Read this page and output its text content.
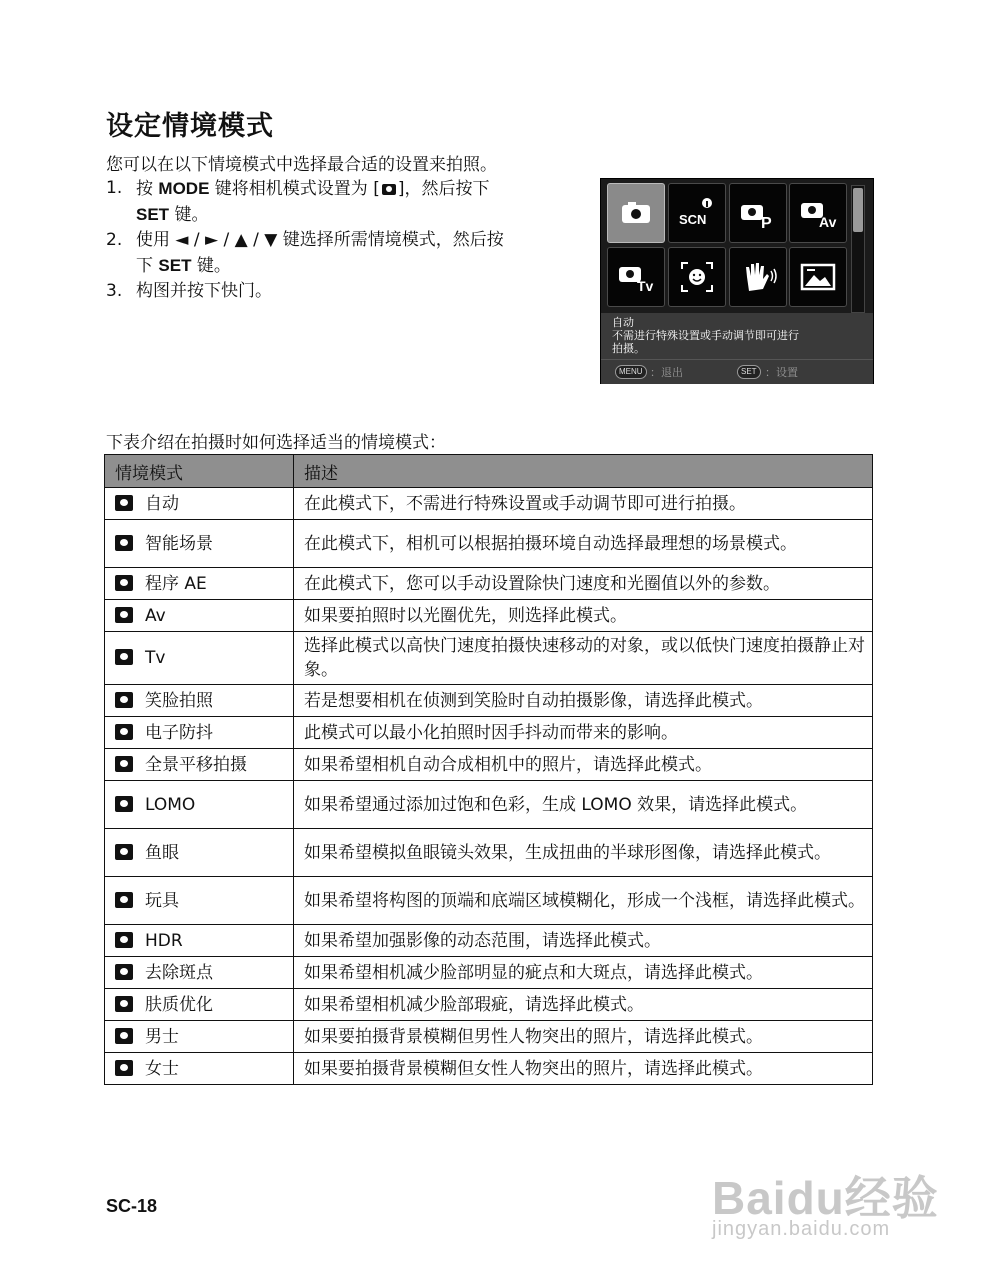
设定情境模式
您可以在以下情境模式中选择最合适的设置来拍照。
1. 按 MODE 键将相机模式设置为 [ ]，然后按下
SET 键。
2. 使用 ◄ / ► / ▲ / ▼ 键选择所需情境模式，然后按
下 SET 键。
3. 构图并按下快门。
SCN	P	Av
Tv
自动
不需进行特殊设置或手动调节即可进行
拍摄。
MENU ：退出	SET ：设置
下表介绍在拍摄时如何选择适当的情境模式：
情境模式	描述
自动	在此模式下，不需进行特殊设置或手动调节即可进行拍摄。
智能场景	在此模式下，相机可以根据拍摄环境自动选择最理想的场景模式。
程序 AE	在此模式下，您可以手动设置除快门速度和光圈值以外的参数。
Av	如果要拍照时以光圈优先，则选择此模式。
Tv	选择此模式以高快门速度拍摄快速移动的对象，或以低快门速度拍摄静止对象。
笑脸拍照	若是想要相机在侦测到笑脸时自动拍摄影像，请选择此模式。
电子防抖	此模式可以最小化拍照时因手抖动而带来的影响。
全景平移拍摄	如果希望相机自动合成相机中的照片，请选择此模式。
LOMO	如果希望通过添加过饱和色彩，生成 LOMO 效果，请选择此模式。
鱼眼	如果希望模拟鱼眼镜头效果，生成扭曲的半球形图像，请选择此模式。
玩具	如果希望将构图的顶端和底端区域模糊化，形成一个浅框，请选择此模式。
HDR	如果希望加强影像的动态范围，请选择此模式。
去除斑点	如果希望相机减少脸部明显的疵点和大斑点，请选择此模式。
肤质优化	如果希望相机减少脸部瑕疵，请选择此模式。
男士	如果要拍摄背景模糊但男性人物突出的照片，请选择此模式。
女士	如果要拍摄背景模糊但女性人物突出的照片，请选择此模式。
SC-18	Baidu经验
jingyan.baidu.com
